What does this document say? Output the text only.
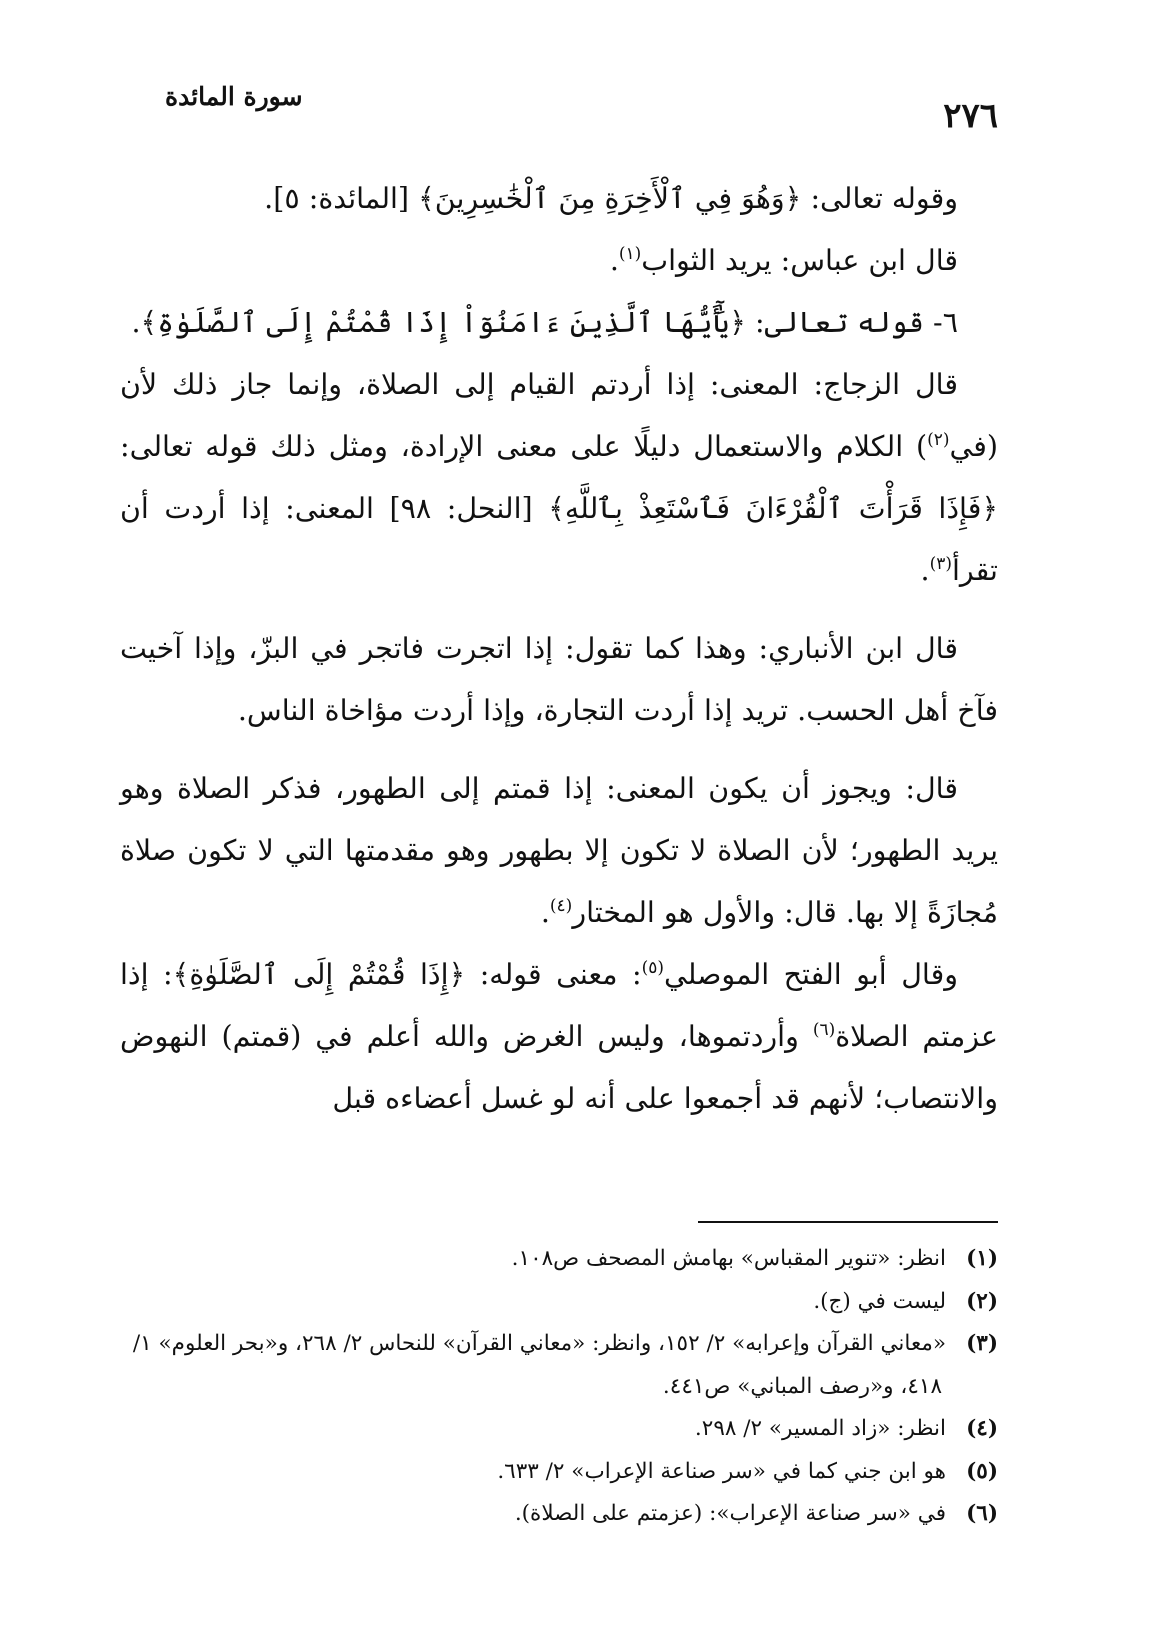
سورة المائدة	٢٧٦

وقوله تعالى: ﴿وَهُوَ فِي ٱلْأَخِرَةِ مِنَ ٱلْخَٰسِرِينَ﴾ [المائدة: ٥].

قال ابن عباس: يريد الثواب$^{(١)}$.

٦- قوله تعالى: ﴿يَٰٓأَيُّهَا ٱلَّذِينَ ءَامَنُوٓاْ إِذَا قُمْتُمْ إِلَى ٱلصَّلَوٰةِ﴾.

قال الزجاج: المعنى: إذا أردتم القيام إلى الصلاة، وإنما جاز ذلك لأن (في$^{(٢)}$) الكلام والاستعمال دليلًا على معنى الإرادة، ومثل ذلك قوله تعالى: ﴿فَإِذَا قَرَأْتَ ٱلْقُرْءَانَ فَٱسْتَعِذْ بِٱللَّهِ﴾ [النحل: ٩٨] المعنى: إذا أردت أن تقرأ$^{(٣)}$.

قال ابن الأنباري: وهذا كما تقول: إذا اتجرت فاتجر في البزّ، وإذا آخيت فآخ أهل الحسب. تريد إذا أردت التجارة، وإذا أردت مؤاخاة الناس.

قال: ويجوز أن يكون المعنى: إذا قمتم إلى الطهور، فذكر الصلاة وهو يريد الطهور؛ لأن الصلاة لا تكون إلا بطهور وهو مقدمتها التي لا تكون صلاة مُجازَةً إلا بها. قال: والأول هو المختار$^{(٤)}$.

وقال أبو الفتح الموصلي$^{(٥)}$: معنى قوله: ﴿إِذَا قُمْتُمْ إِلَى ٱلصَّلَوٰةِ﴾: إذا عزمتم الصلاة$^{(٦)}$ وأردتموها، وليس الغرض والله أعلم في (قمتم) النهوض والانتصاب؛ لأنهم قد أجمعوا على أنه لو غسل أعضاءه قبل

(١)انظر: «تنوير المقباس» بهامش المصحف ص١٠٨.

(٢)ليست في (ج).

(٣)«معاني القرآن وإعرابه» ٢/ ١٥٢، وانظر: «معاني القرآن» للنحاس ٢/ ٢٦٨، و«بحر العلوم» ١/ ٤١٨، و«رصف المباني» ص٤٤١.

(٤)انظر: «زاد المسير» ٢/ ٢٩٨.

(٥)هو ابن جني كما في «سر صناعة الإعراب» ٢/ ٦٣٣.

(٦)في «سر صناعة الإعراب»: (عزمتم على الصلاة).
